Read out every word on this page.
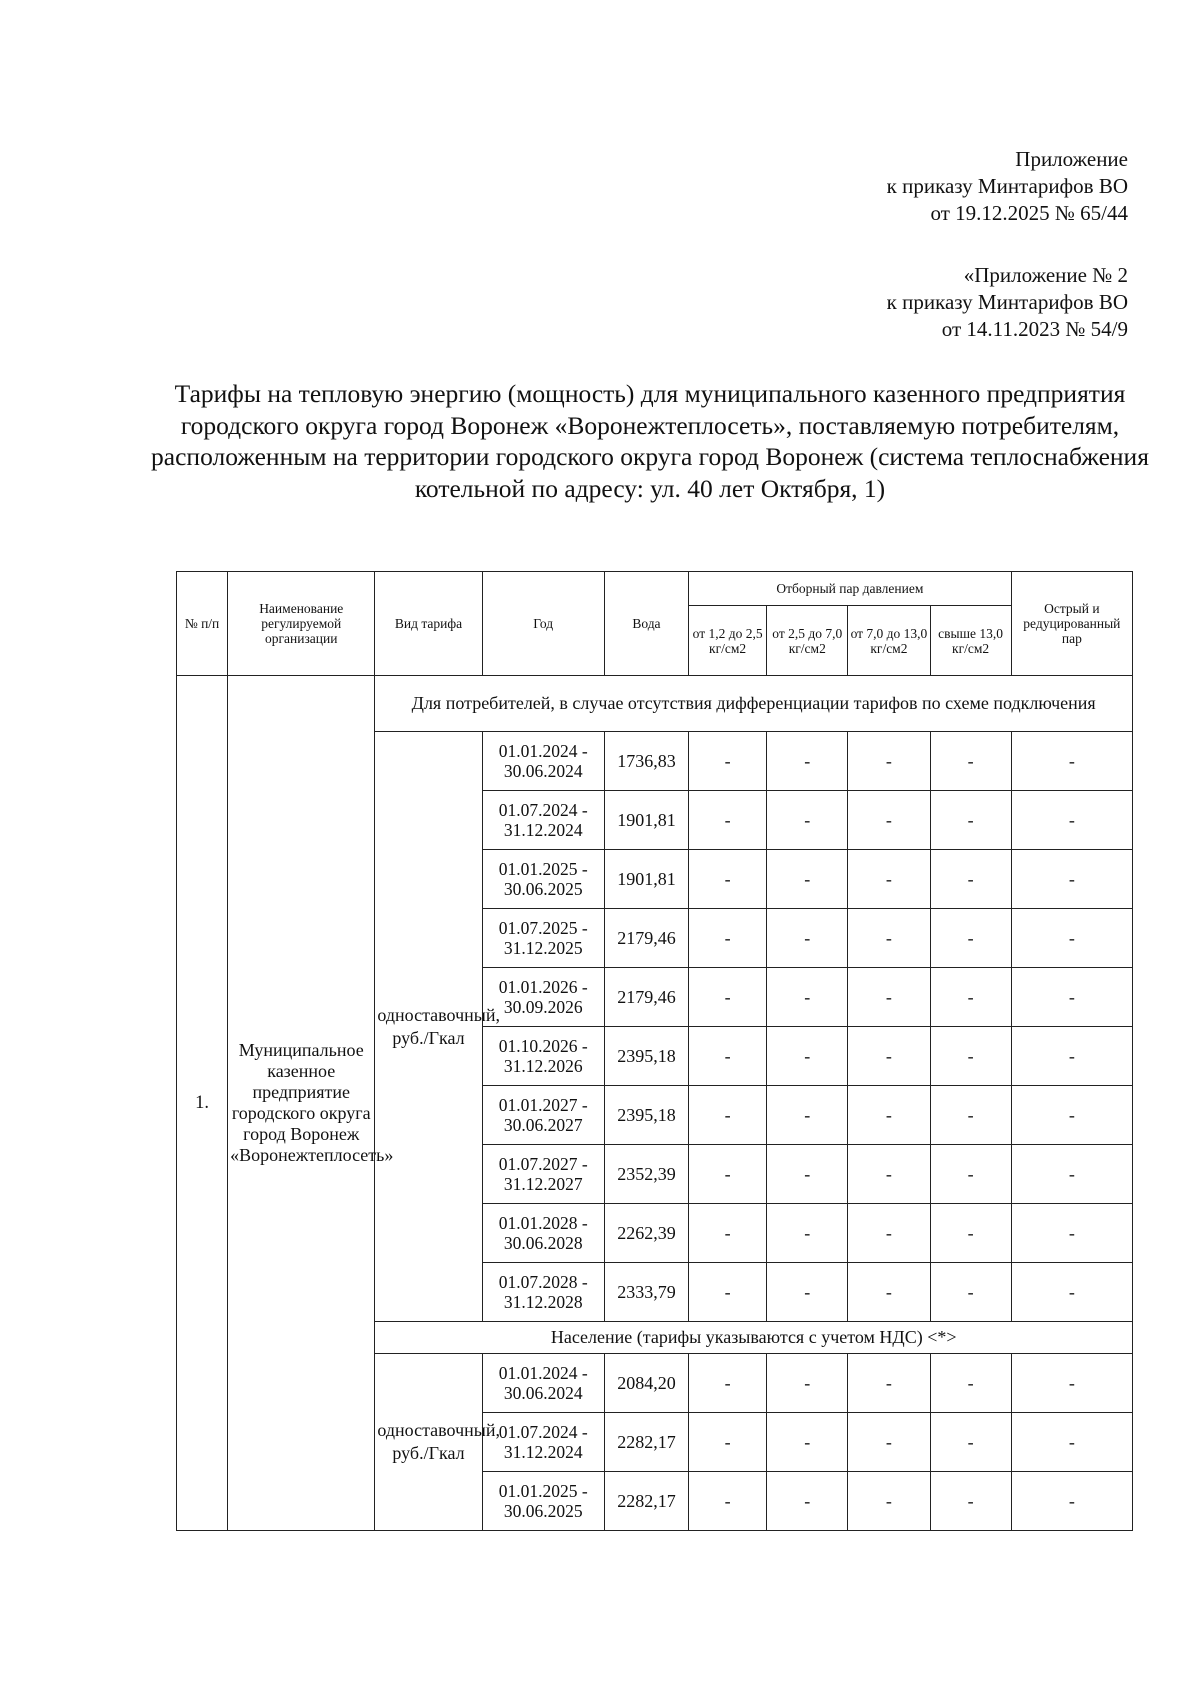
Приложение
к приказу Минтарифов ВО
от 19.12.2025 № 65/44
«Приложение № 2
к приказу Минтарифов ВО
от 14.11.2023 № 54/9
Тарифы на тепловую энергию (мощность) для муниципального казенного предприятия городского округа город Воронеж «Воронежтеплосеть», поставляемую потребителям, расположенным на территории городского округа город Воронеж (система теплоснабжения котельной по адресу: ул. 40 лет Октября, 1)
№ п/п	Наименование регулируемой организации	Вид тарифа	Год	Вода	Отборный пар давлением				Острый и редуцированный пар
					от 1,2 до 2,5 кг/см2	от 2,5 до 7,0 кг/см2	от 7,0 до 13,0 кг/см2	свыше 13,0 кг/см2	
1.	Муниципальное казенное предприятие городского округа город Воронеж «Воронежтеплосеть»	Для потребителей, в случае отсутствия дифференциации тарифов по схеме подключения							
		одноставочный, руб./Гкал	01.01.2024 - 30.06.2024	1736,83	-	-	-	-	-
			01.07.2024 - 31.12.2024	1901,81	-	-	-	-	-
			01.01.2025 - 30.06.2025	1901,81	-	-	-	-	-
			01.07.2025 - 31.12.2025	2179,46	-	-	-	-	-
			01.01.2026 - 30.09.2026	2179,46	-	-	-	-	-
			01.10.2026 - 31.12.2026	2395,18	-	-	-	-	-
			01.01.2027 - 30.06.2027	2395,18	-	-	-	-	-
			01.07.2027 - 31.12.2027	2352,39	-	-	-	-	-
			01.01.2028 - 30.06.2028	2262,39	-	-	-	-	-
			01.07.2028 - 31.12.2028	2333,79	-	-	-	-	-
		Население (тарифы указываются с учетом НДС) <*>							
		одноставочный, руб./Гкал	01.01.2024 - 30.06.2024	2084,20	-	-	-	-	-
			01.07.2024 - 31.12.2024	2282,17	-	-	-	-	-
			01.01.2025 - 30.06.2025	2282,17	-	-	-	-	-
